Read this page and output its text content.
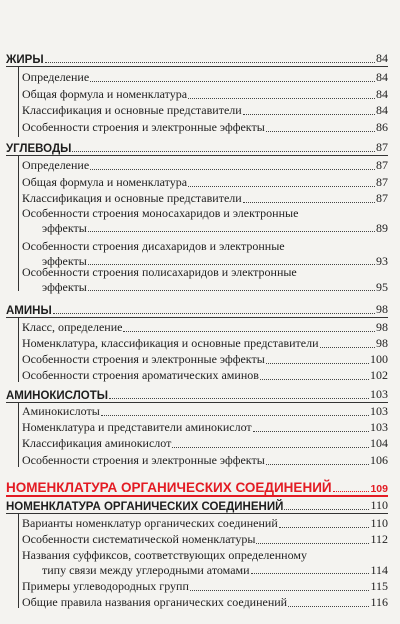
ЖИРЫ	84
Определение	84
Общая формула и номенклатура	84
Классификация и основные представители	84
Особенности строения и электронные эффекты	86
УГЛЕВОДЫ	87
Определение	87
Общая формула и номенклатура	87
Классификация и основные представители	87
Особенности строения моносахаридов и электронные
эффекты	89
Особенности строения дисахаридов и электронные
эффекты	93
Особенности строения полисахаридов и электронные
эффекты	95
АМИНЫ	98
Класс, определение	98
Номенклатура, классификация и основные представители	98
Особенности строения и электронные эффекты	100
Особенности строения ароматических аминов	102
АМИНОКИСЛОТЫ	103
Аминокислоты	103
Номенклатура и представители аминокислот	103
Классификация аминокислот	104
Особенности строения и электронные эффекты	106
НОМЕНКЛАТУРА ОРГАНИЧЕСКИХ СОЕДИНЕНИЙ	109
НОМЕНКЛАТУРА ОРГАНИЧЕСКИХ СОЕДИНЕНИЙ	110
Варианты номенклатур органических соединений	110
Особенности систематической номенклатуры	112
Названия суффиксов, соответствующих определенному
типу связи между углеродными атомами	114
Примеры углеводородных групп	115
Общие правила названия органических соединений	116
